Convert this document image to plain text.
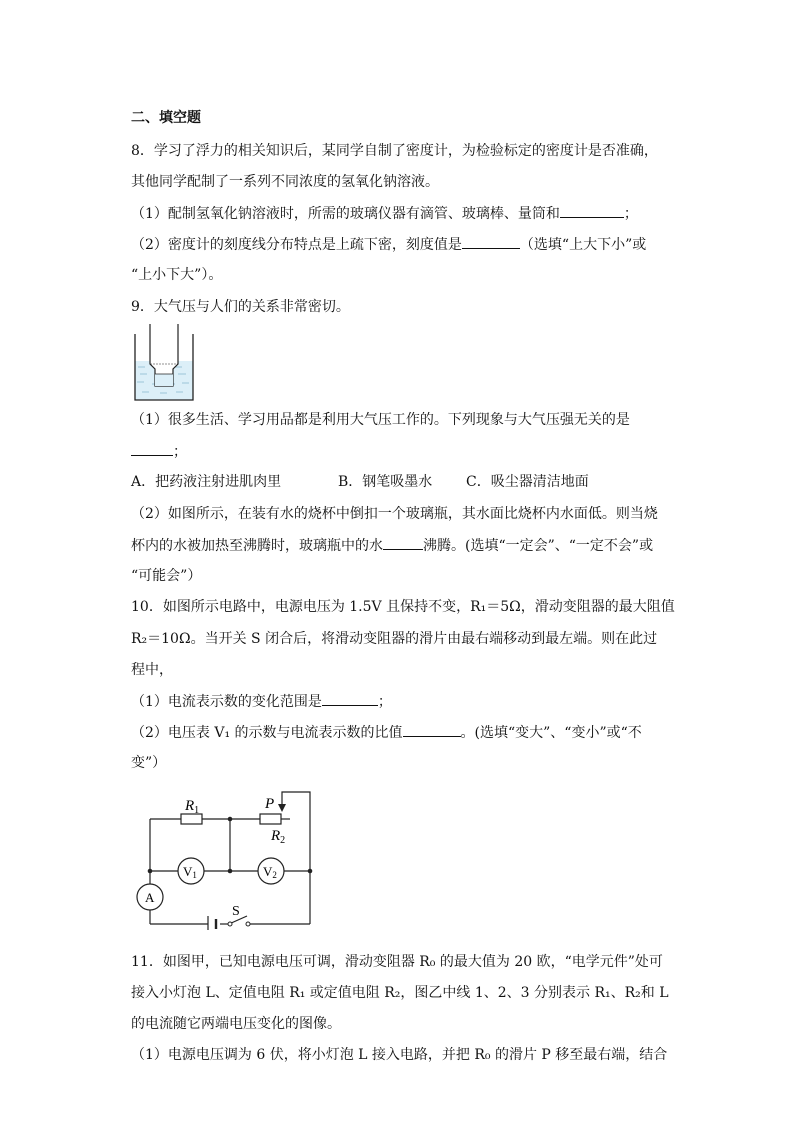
二、填空题
8．学习了浮力的相关知识后，某同学自制了密度计，为检验标定的密度计是否准确，
其他同学配制了一系列不同浓度的氢氧化钠溶液。
（1）配制氢氧化钠溶液时，所需的玻璃仪器有滴管、玻璃棒、量筒和	；
（2）密度计的刻度线分布特点是上疏下密，刻度值是	（选填“上大下小”或
“上小下大”）。
9．大气压与人们的关系非常密切。
（1）很多生活、学习用品都是利用大气压工作的。下列现象与大气压强无关的是
；
A．把药液注射进肌肉里	B．钢笔吸墨水 C．吸尘器清洁地面
（2）如图所示，在装有水的烧杯中倒扣一个玻璃瓶，其水面比烧杯内水面低。则当烧
杯内的水被加热至沸腾时，玻璃瓶中的水	沸腾。(选填“一定会”、“一定不会”或
“可能会”）
10．如图所示电路中，电源电压为 1.5V 且保持不变，R₁＝5Ω，滑动变阻器的最大阻值
R₂＝10Ω。当开关 S 闭合后，将滑动变阻器的滑片由最右端移动到最左端。则在此过
程中，
（1）电流表示数的变化范围是	；
（2）电压表 V₁ 的示数与电流表示数的比值	。(选填“变大”、“变小”或“不
变”）
$R_1$	P
$R_2$
V1	V2
A
S
11．如图甲，已知电源电压可调，滑动变阻器 R₀ 的最大值为 20 欧，“电学元件”处可
接入小灯泡 L、定值电阻 R₁ 或定值电阻 R₂，图乙中线 1、2、3 分别表示 R₁、R₂和 L
的电流随它两端电压变化的图像。
（1）电源电压调为 6 伏，将小灯泡 L 接入电路，并把 R₀ 的滑片 P 移至最右端，结合
